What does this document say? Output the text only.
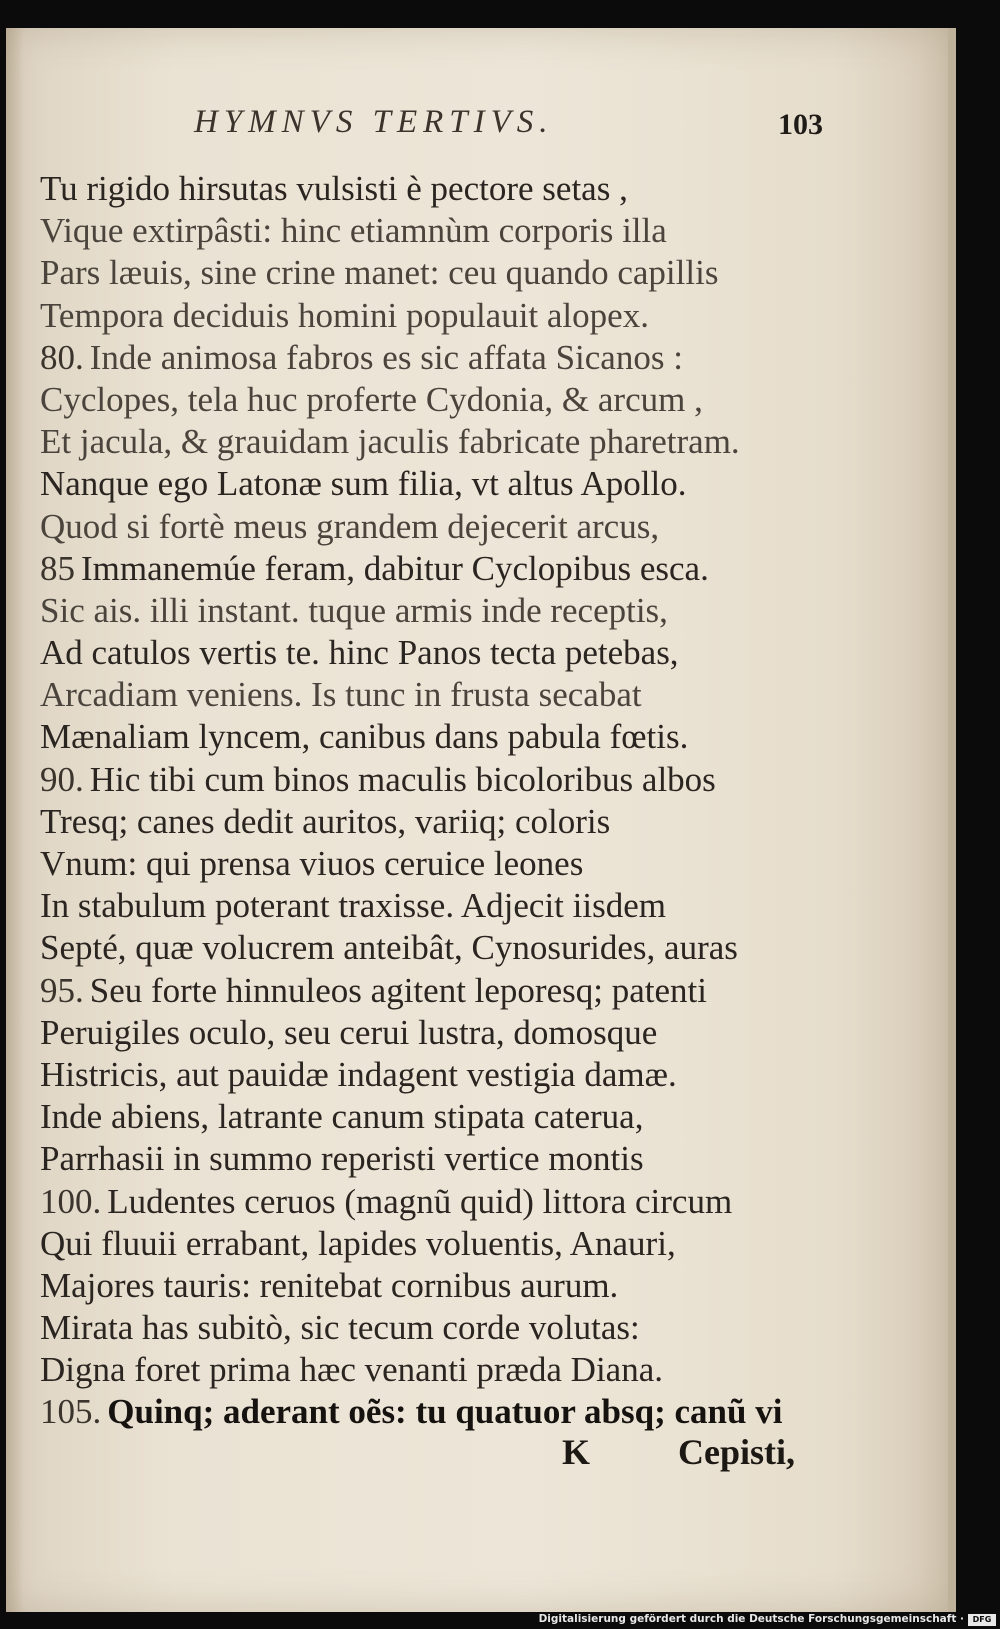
HYMNVS TERTIVS.	103
Tu rigido hirsutas vulsisti è pectore setas ,
Vique extirpâsti: hinc etiamnùm corporis illa
Pars læuis, sine crine manet: ceu quando capillis
Tempora deciduis homini populauit alopex.
80. Inde animosa fabros es sic affata Sicanos :
Cyclopes, tela huc proferte Cydonia, & arcum ,
Et jacula, & grauidam jaculis fabricate pharetram.
Nanque ego Latonæ sum filia, vt altus Apollo.
Quod si fortè meus grandem dejecerit arcus,
85 Immanemúe feram, dabitur Cyclopibus esca.
Sic ais. illi instant. tuque armis inde receptis,
Ad catulos vertis te. hinc Panos tecta petebas,
Arcadiam veniens. Is tunc in frusta secabat
Mænaliam lyncem, canibus dans pabula fœtis.
90. Hic tibi cum binos maculis bicoloribus albos
Tresq; canes dedit auritos, variiq; coloris
Vnum: qui prensa viuos ceruice leones
In stabulum poterant traxisse. Adjecit iisdem
Septé, quæ volucrem anteibât, Cynosurides, auras
95. Seu forte hinnuleos agitent leporesq; patenti
Peruigiles oculo, seu cerui lustra, domosque
Histricis, aut pauidæ indagent vestigia damæ.
Inde abiens, latrante canum stipata caterua,
Parrhasii in summo reperisti vertice montis
100. Ludentes ceruos (magnũ quid) littora circum
Qui fluuii errabant, lapides voluentis, Anauri,
Majores tauris: renitebat cornibus aurum.
Mirata has subitò, sic tecum corde volutas:
Digna foret prima hæc venanti præda Diana.
105. Quinq; aderant oẽs: tu quatuor absq; canũ vi
K Cepisti,
Digitalisierung gefördert durch die Deutsche Forschungsgemeinschaft ·	DFG
